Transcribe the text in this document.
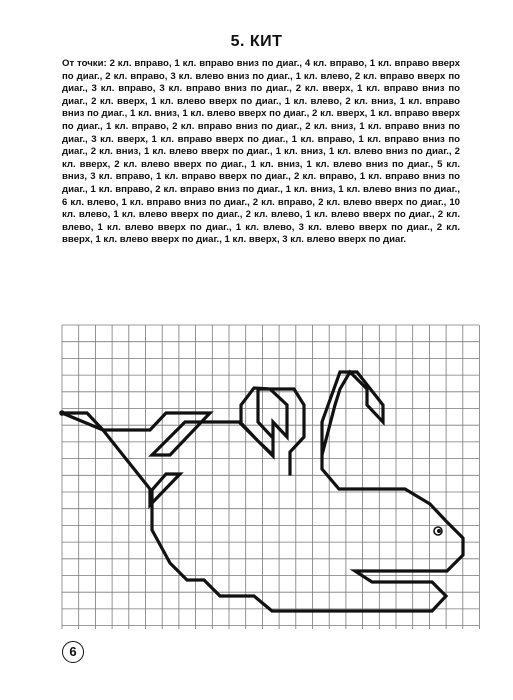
5. КИТ
От точки: 2 кл. вправо, 1 кл. вправо вниз по диаг., 4 кл. вправо, 1 кл. вправо вверх по диаг., 2 кл. вправо, 3 кл. влево вниз по диаг., 1 кл. влево, 2 кл. вправо вверх по диаг., 3 кл. вправо, 3 кл. вправо вниз по диаг., 2 кл. вверх, 1 кл. вправо вниз по диаг., 2 кл. вверх, 1 кл. влево вверх по диаг., 1 кл. влево, 2 кл. вниз, 1 кл. вправо вниз по диаг., 1 кл. вниз, 1 кл. влево вверх по диаг., 2 кл. вверх, 1 кл. вправо вверх по диаг., 1 кл. вправо, 2 кл. вправо вниз по диаг., 2 кл. вниз, 1 кл. вправо вниз по диаг., 3 кл. вверх, 1 кл. вправо вверх по диаг., 1 кл. вправо, 1 кл. вправо вниз по диаг., 2 кл. вниз, 1 кл. влево вверх по диаг., 1 кл. вниз, 1 кл. влево вниз по диаг., 2 кл. вверх, 2 кл. влево вверх по диаг., 1 кл. вниз, 1 кл. влево вниз по диаг., 5 кл. вниз, 3 кл. вправо, 1 кл. вправо вверх по диаг., 2 кл. вправо, 1 кл. вправо вниз по диаг., 1 кл. вправо, 2 кл. вправо вниз по диаг., 1 кл. вниз, 1 кл. влево вниз по диаг., 6 кл. влево, 1 кл. вправо вниз по диаг., 2 кл. вправо, 2 кл. влево вверх по диаг., 10 кл. влево, 1 кл. влево вверх по диаг., 2 кл. влево, 1 кл. влево вверх по диаг., 2 кл. влево, 1 кл. влево вверх по диаг., 1 кл. влево, 3 кл. влево вверх по диаг., 2 кл. вверх, 1 кл. влево вверх по диаг., 1 кл. вверх, 3 кл. влево вверх по диаг.
6
